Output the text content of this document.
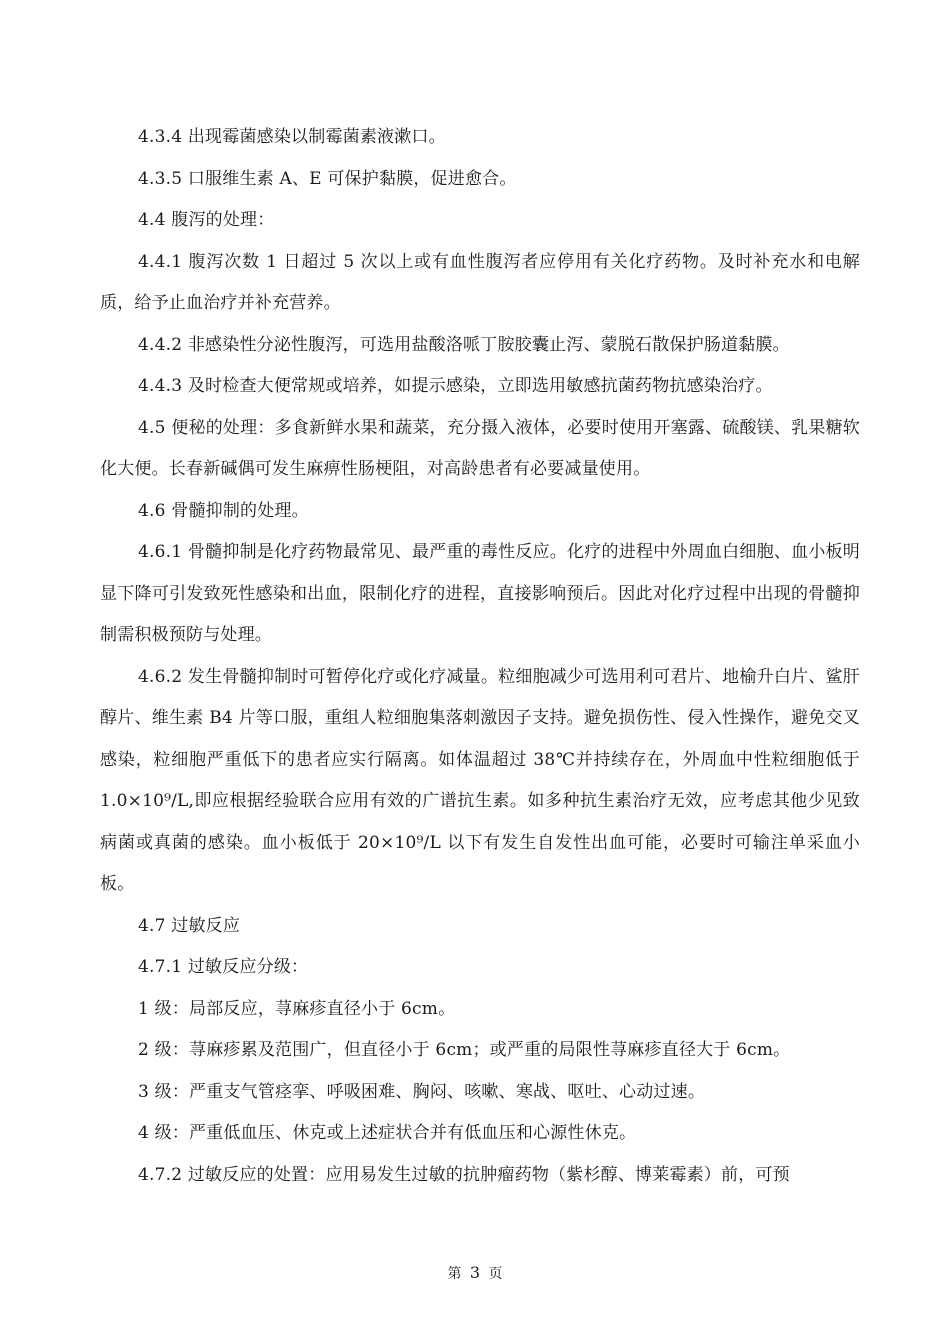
4.3.4 出现霉菌感染以制霉菌素液漱口。

4.3.5 口服维生素 A、E 可保护黏膜，促进愈合。

4.4 腹泻的处理：

4.4.1 腹泻次数 1 日超过 5 次以上或有血性腹泻者应停用有关化疗药物。及时补充水和电解质，给予止血治疗并补充营养。

4.4.2 非感染性分泌性腹泻，可选用盐酸洛哌丁胺胶囊止泻、蒙脱石散保护肠道黏膜。

4.4.3 及时检查大便常规或培养，如提示感染，立即选用敏感抗菌药物抗感染治疗。

4.5 便秘的处理：多食新鲜水果和蔬菜，充分摄入液体，必要时使用开塞露、硫酸镁、乳果糖软化大便。长春新碱偶可发生麻痹性肠梗阻，对高龄患者有必要减量使用。

4.6 骨髓抑制的处理。

4.6.1 骨髓抑制是化疗药物最常见、最严重的毒性反应。化疗的进程中外周血白细胞、血小板明显下降可引发致死性感染和出血，限制化疗的进程，直接影响预后。因此对化疗过程中出现的骨髓抑制需积极预防与处理。

4.6.2 发生骨髓抑制时可暂停化疗或化疗减量。粒细胞减少可选用利可君片、地榆升白片、鲨肝醇片、维生素 B4 片等口服，重组人粒细胞集落刺激因子支持。避免损伤性、侵入性操作，避免交叉感染，粒细胞严重低下的患者应实行隔离。如体温超过 38℃并持续存在，外周血中性粒细胞低于 1.0×10⁹/L,即应根据经验联合应用有效的广谱抗生素。如多种抗生素治疗无效，应考虑其他少见致病菌或真菌的感染。血小板低于 20×10⁹/L 以下有发生自发性出血可能，必要时可输注单采血小板。

4.7 过敏反应

4.7.1 过敏反应分级：

1 级：局部反应，荨麻疹直径小于 6cm。

2 级：荨麻疹累及范围广，但直径小于 6cm；或严重的局限性荨麻疹直径大于 6cm。

3 级：严重支气管痉挛、呼吸困难、胸闷、咳嗽、寒战、呕吐、心动过速。

4 级：严重低血压、休克或上述症状合并有低血压和心源性休克。

4.7.2 过敏反应的处置：应用易发生过敏的抗肿瘤药物（紫杉醇、博莱霉素）前，可预

第 3 页
